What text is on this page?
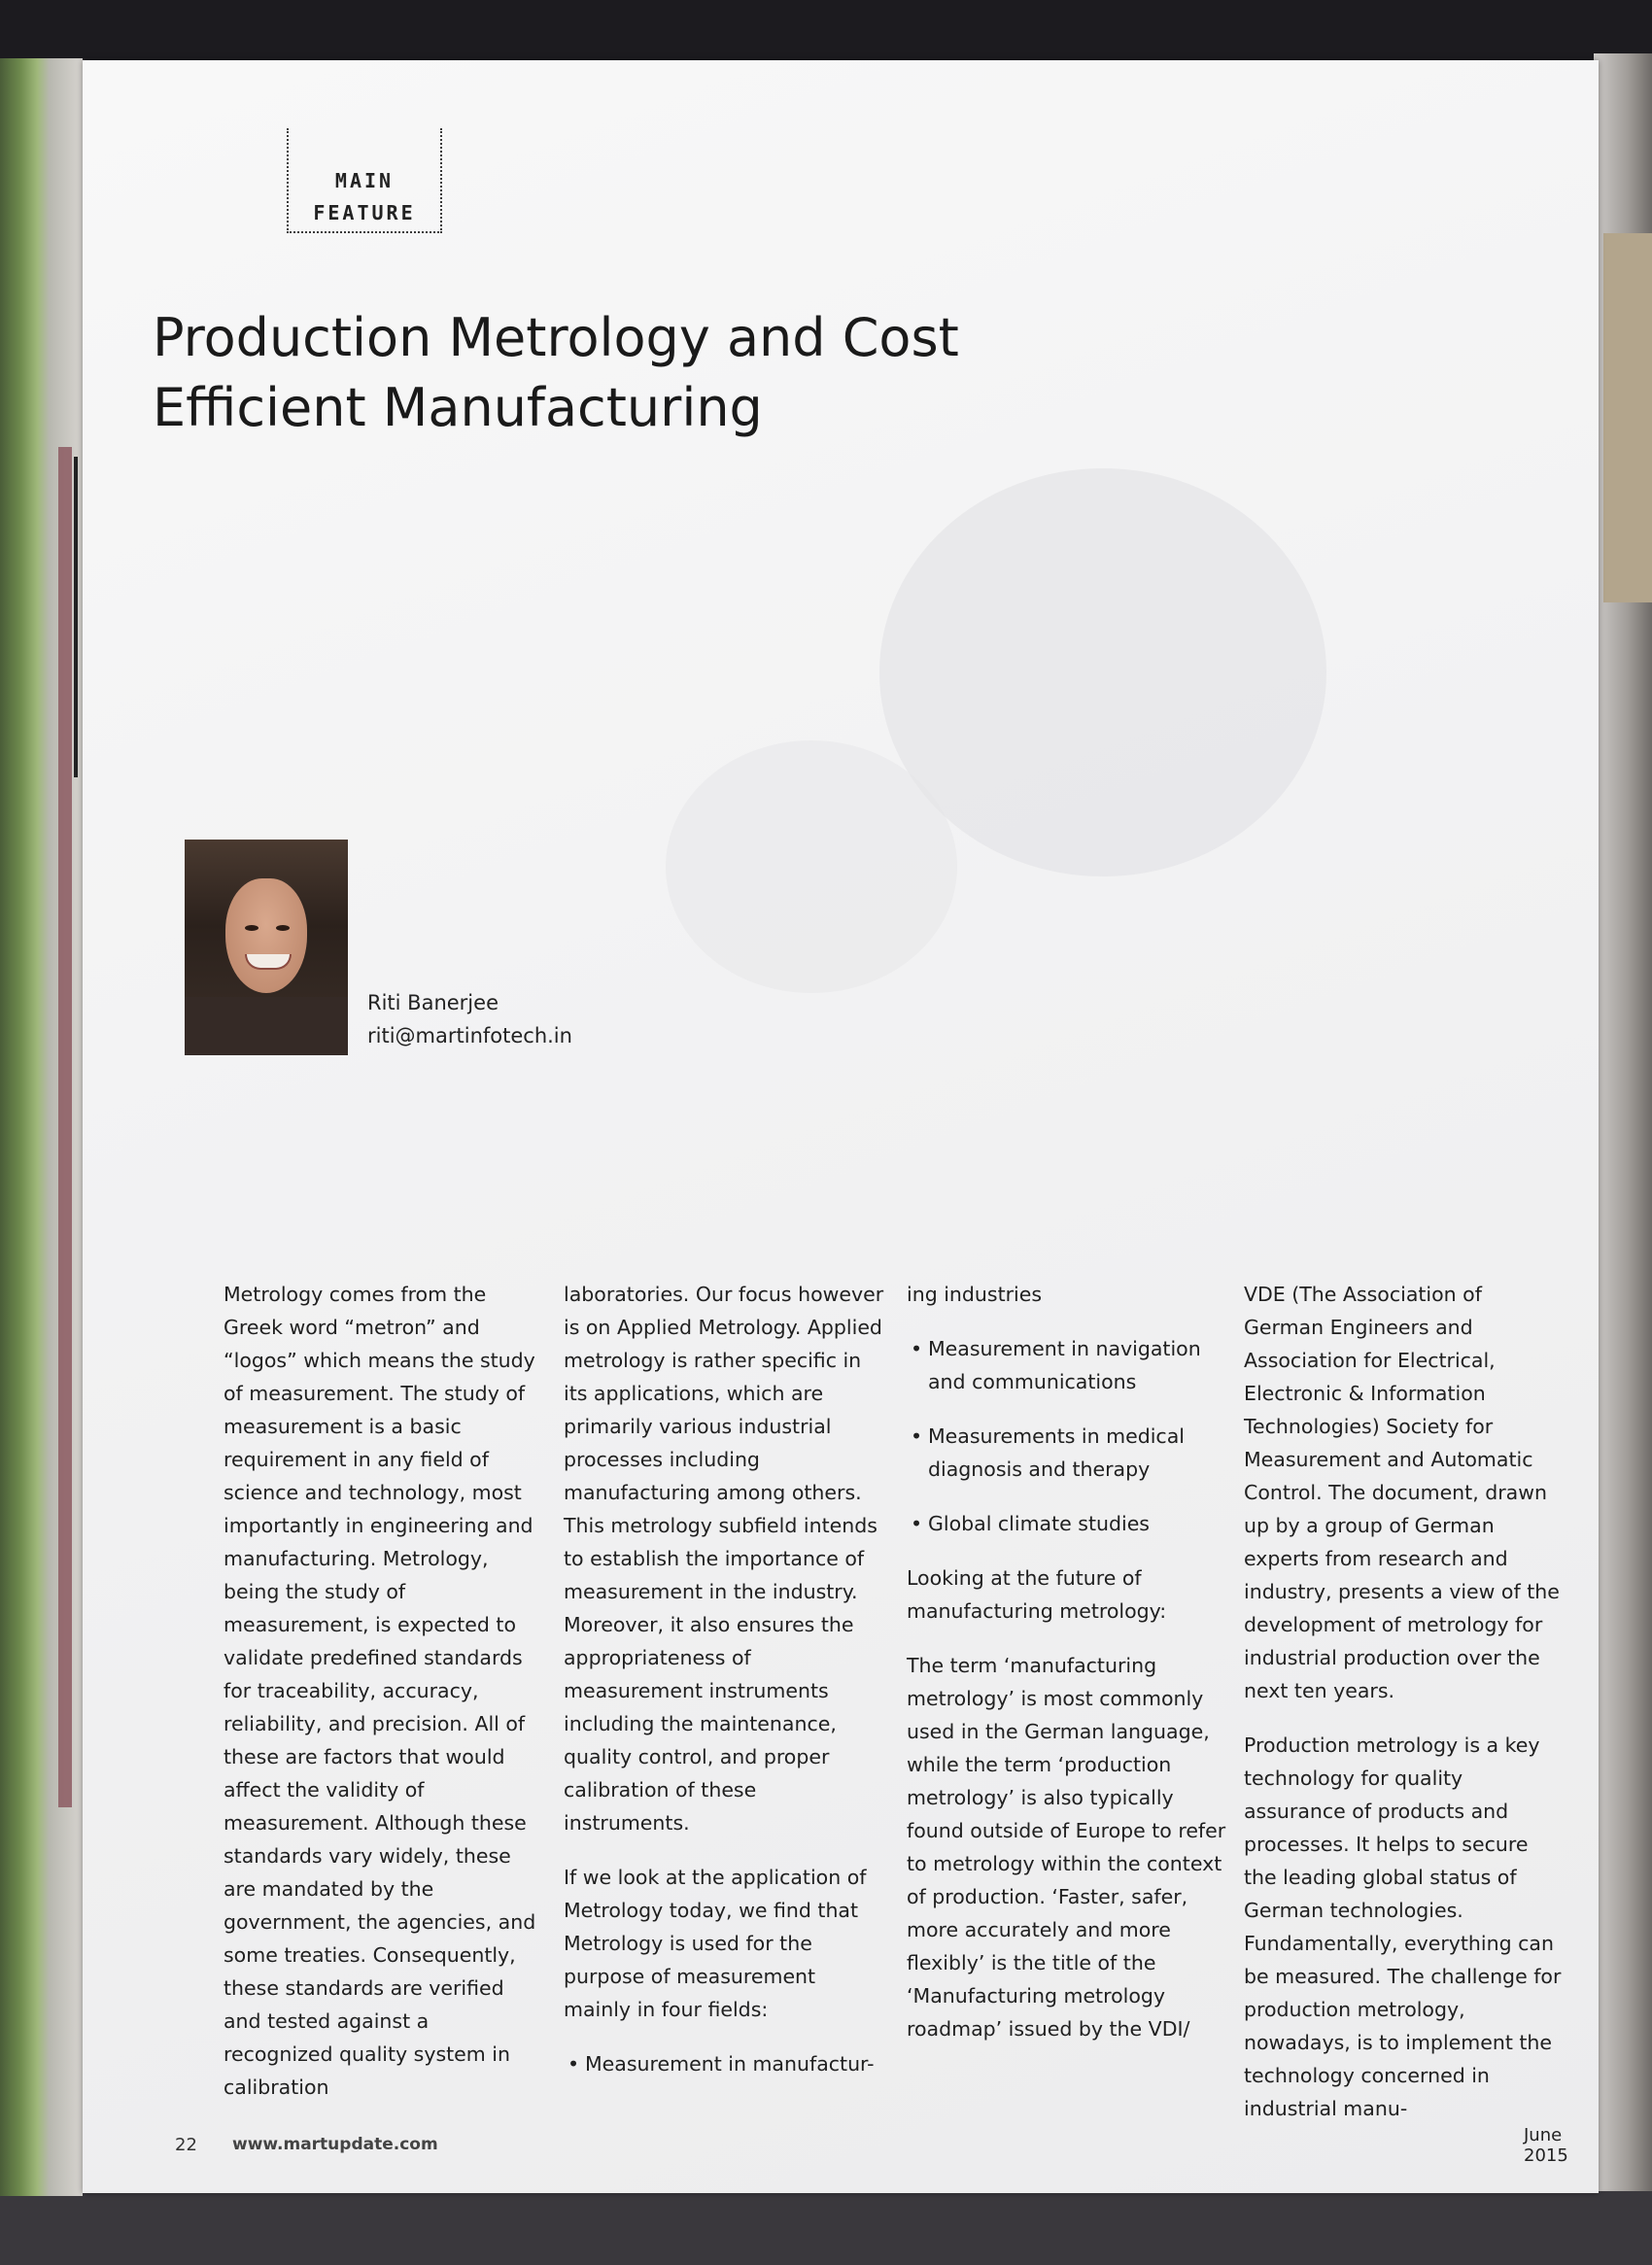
MAIN
FEATURE
Production Metrology and Cost
Efficient Manufacturing
Riti Banerjee
riti@martinfotech.in

Metrology comes from the Greek word “metron” and “logos” which means the study of measurement. The study of measurement is a basic requirement in any field of science and technology, most importantly in engineering and manufacturing. Metrology, being the study of measurement, is expected to validate predefined standards for traceability, accuracy, reliability, and precision. All of these are factors that would affect the validity of measurement. Although these standards vary widely, these are mandated by the government, the agencies, and some treaties. Consequently, these standards are verified and tested against a recognized quality system in calibration

laboratories. Our focus however is on Applied Metrology. Applied metrology is rather specific in its applications, which are primarily various industrial processes including manufacturing among others. This metrology subfield intends to establish the importance of measurement in the industry. Moreover, it also ensures the appropriateness of measurement instruments including the maintenance, quality control, and proper calibration of these instruments.

If we look at the application of Metrology today, we find that Metrology is used for the purpose of measurement mainly in four fields:

• Measurement in manufactur-

ing industries

• Measurement in navigation and communications
• Measurements in medical diagnosis and therapy
• Global climate studies

Looking at the future of manufacturing metrology:

The term ‘manufacturing metrology’ is most commonly used in the German language, while the term ‘production metrology’ is also typically found outside of Europe to refer to metrology within the context of production. ‘Faster, safer, more accurately and more flexibly’ is the title of the ‘Manufacturing metrology roadmap’ issued by the VDI/

VDE (The Association of German Engineers and Association for Electrical, Electronic & Information Technologies) Society for Measurement and Automatic Control. The document, drawn up by a group of German experts from research and industry, presents a view of the development of metrology for industrial production over the next ten years.

Production metrology is a key technology for quality assurance of products and processes. It helps to secure the leading global status of German technologies. Fundamentally, everything can be measured. The challenge for production metrology, nowadays, is to implement the technology concerned in industrial manu-

22 www.martupdate.com	June 2015
